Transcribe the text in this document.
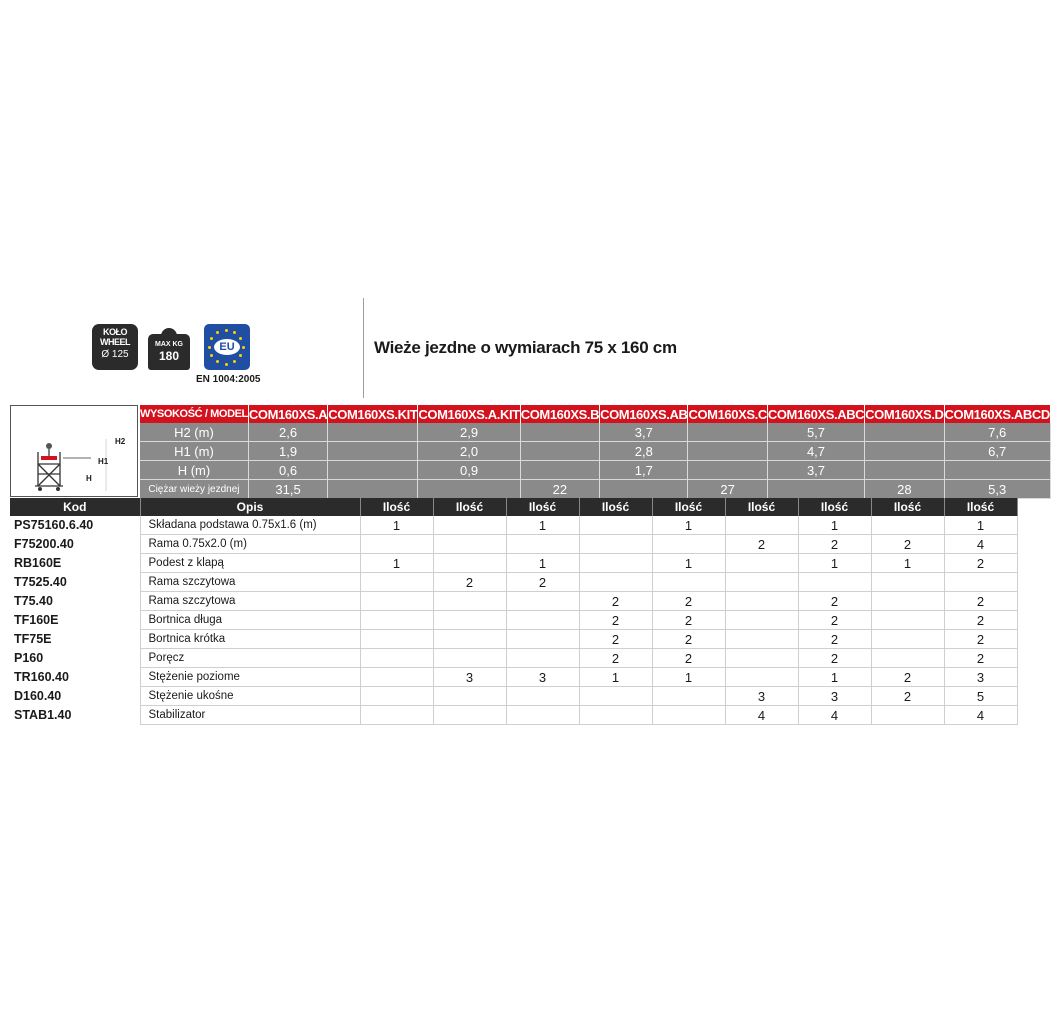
KOŁO
WHEEL
Ø 125
MAX KG
180
EU
EN 1004:2005
Wieże jezdne o wymiarach 75 x 160 cm
H2
H1
H
WYSOKOŚĆ / MODEL	COM160XS.A	COM160XS.KIT	COM160XS.A.KIT	COM160XS.B	COM160XS.AB	COM160XS.C	COM160XS.ABC	COM160XS.D	COM160XS.ABCD
H2 (m)	2,6		2,9		3,7		5,7		7,6
H1 (m)	1,9		2,0		2,8		4,7		6,7
H (m)	0,6		0,9		1,7		3,7		
Ciężar wieży jezdnej	31,5			22		27		28	5,3
Kod	Opis	Ilość	Ilość	Ilość	Ilość	Ilość	Ilość	Ilość	Ilość	Ilość
PS75160.6.40	Składana podstawa 0.75x1.6 (m)	1		1		1		1		1
F75200.40	Rama 0.75x2.0 (m)						2	2	2	4
RB160E	Podest z klapą	1		1		1		1	1	2
T7525.40	Rama szczytowa		2	2						
T75.40	Rama szczytowa				2	2		2		2
TF160E	Bortnica długa				2	2		2		2
TF75E	Bortnica krótka				2	2		2		2
P160	Poręcz				2	2		2		2
TR160.40	Stężenie poziome		3	3	1	1		1	2	3
D160.40	Stężenie ukośne						3	3	2	5
STAB1.40	Stabilizator						4	4		4
